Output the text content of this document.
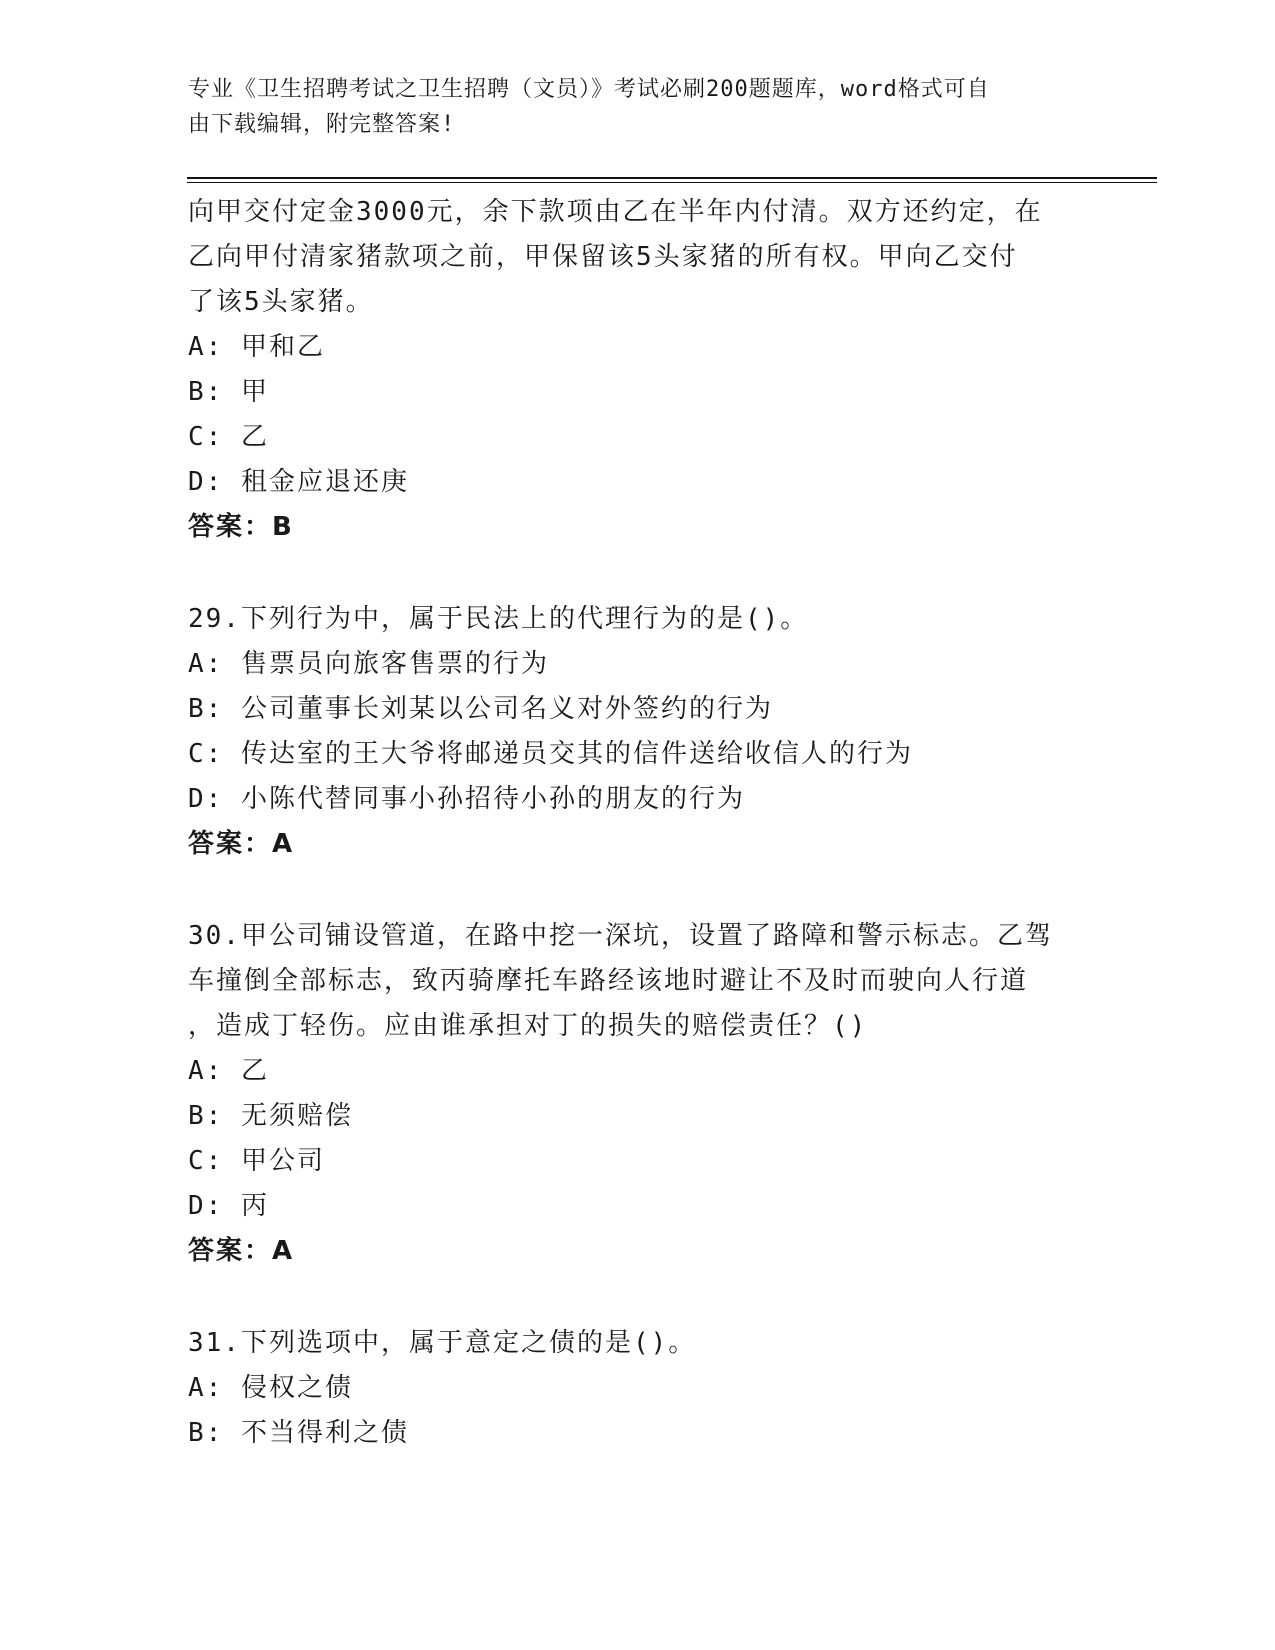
专业《卫生招聘考试之卫生招聘（文员）》考试必刷200题题库，word格式可自
由下载编辑，附完整答案!
向甲交付定金3000元，余下款项由乙在半年内付清。双方还约定，在
乙向甲付清家猪款项之前，甲保留该5头家猪的所有权。甲向乙交付
了该5头家猪。
A: 甲和乙
B: 甲
C: 乙
D: 租金应退还庚
答案：B
29.下列行为中，属于民法上的代理行为的是()。
A: 售票员向旅客售票的行为
B: 公司董事长刘某以公司名义对外签约的行为
C: 传达室的王大爷将邮递员交其的信件送给收信人的行为
D: 小陈代替同事小孙招待小孙的朋友的行为
答案：A
30.甲公司铺设管道，在路中挖一深坑，设置了路障和警示标志。乙驾
车撞倒全部标志，致丙骑摩托车路经该地时避让不及时而驶向人行道
，造成丁轻伤。应由谁承担对丁的损失的赔偿责任？()
A: 乙
B: 无须赔偿
C: 甲公司
D: 丙
答案：A
31.下列选项中，属于意定之债的是()。
A: 侵权之债
B: 不当得利之债
